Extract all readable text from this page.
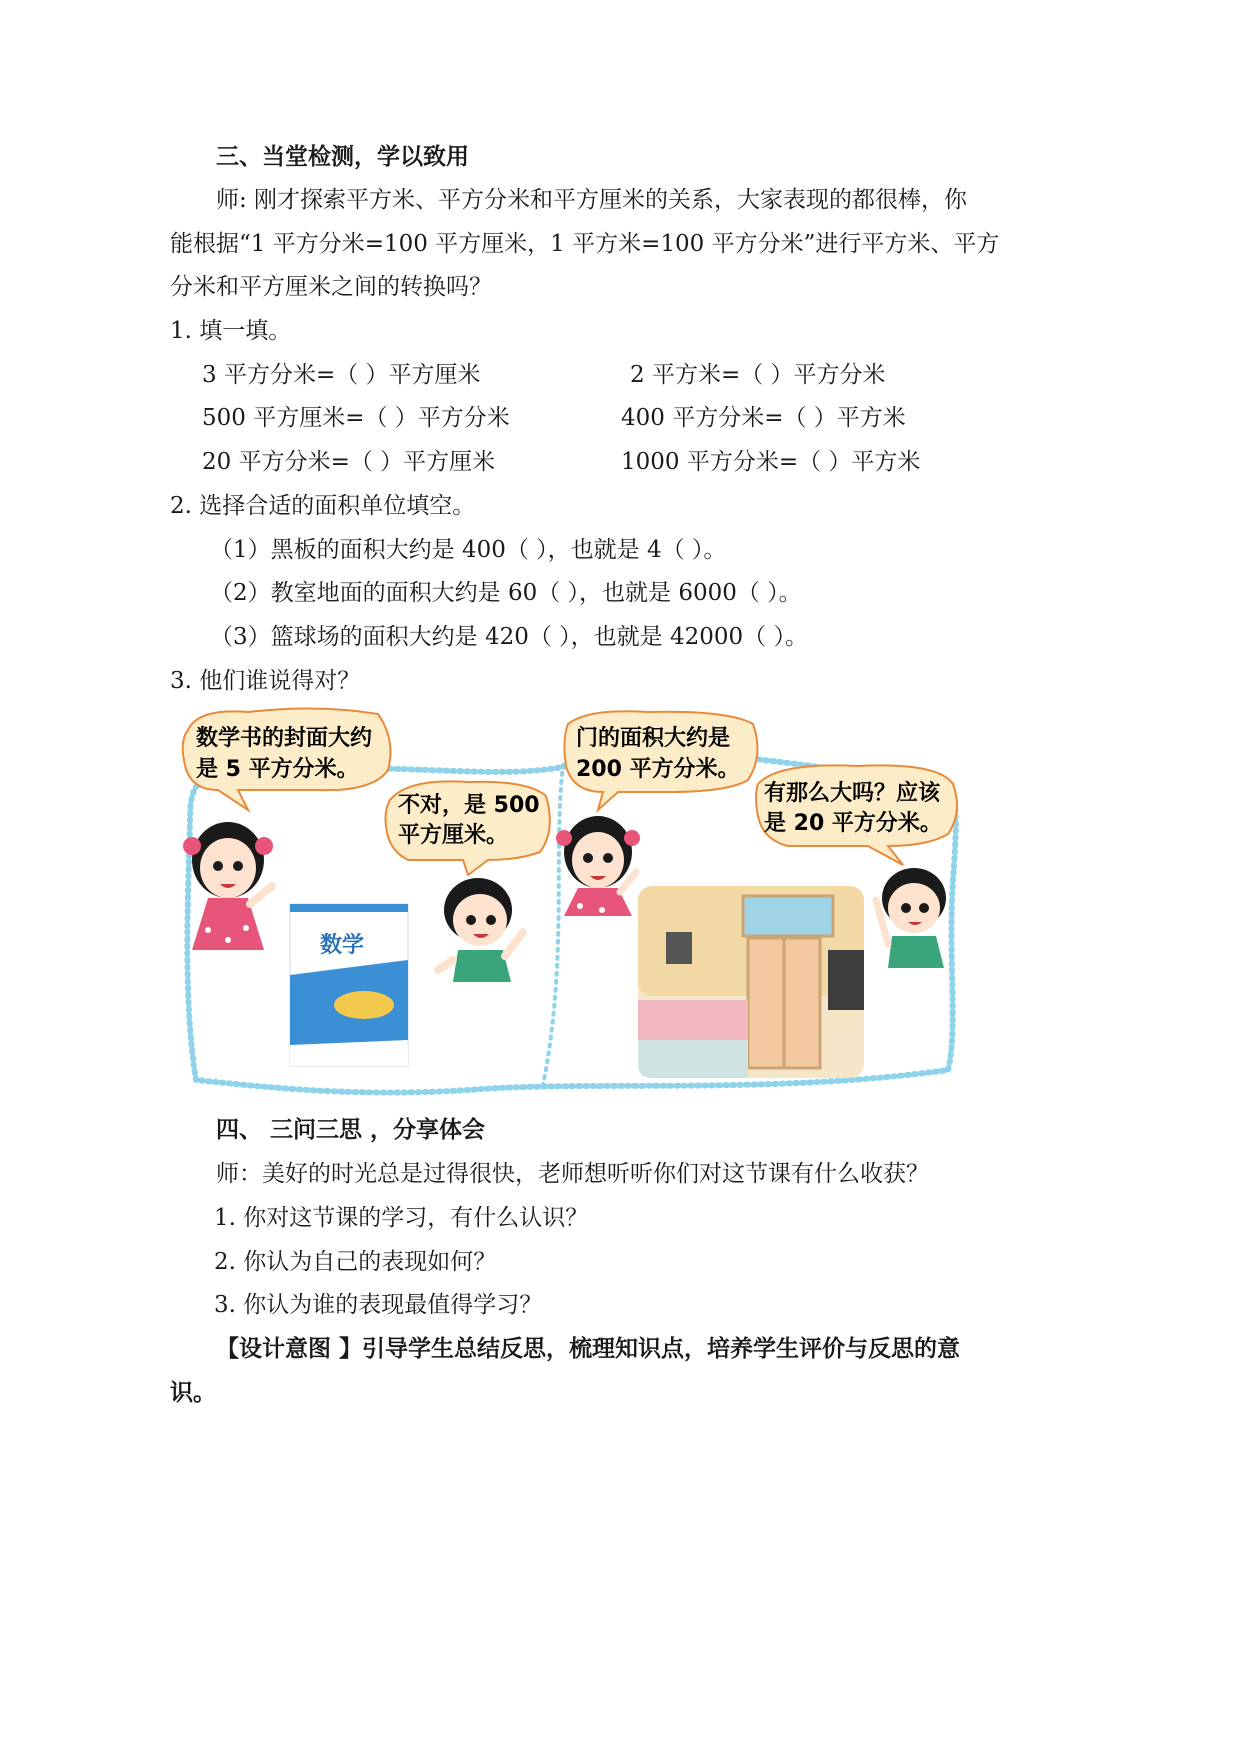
三、当堂检测，学以致用
师: 刚才探索平方米、平方分米和平方厘米的关系，大家表现的都很棒，你
能根据“1 平方分米=100 平方厘米，1 平方米=100 平方分米”进行平方米、平方
分米和平方厘米之间的转换吗？
1. 填一填。
3 平方分米=（ ）平方厘米	2 平方米=（ ）平方分米
500 平方厘米=（ ）平方分米	400 平方分米=（ ）平方米
20 平方分米=（ ）平方厘米	1000 平方分米=（ ）平方米
2. 选择合适的面积单位填空。
（1）黑板的面积大约是 400（ ），也就是 4（ ）。
（2）教室地面的面积大约是 60（ ），也就是 6000（ ）。
（3）篮球场的面积大约是 420（ ），也就是 42000（ ）。
3. 他们谁说得对？
数学书的封面大约
是 5 平方分米。
不对，是 500
平方厘米。
门的面积大约是
200 平方分米。
有那么大吗？应该
是 20 平方分米。
数学
四、 三问三思 ，分享体会
师：美好的时光总是过得很快，老师想听听你们对这节课有什么收获？
1. 你对这节课的学习，有什么认识？
2. 你认为自己的表现如何？
3. 你认为谁的表现最值得学习？
【设计意图 】引导学生总结反思，梳理知识点，培养学生评价与反思的意
识。
